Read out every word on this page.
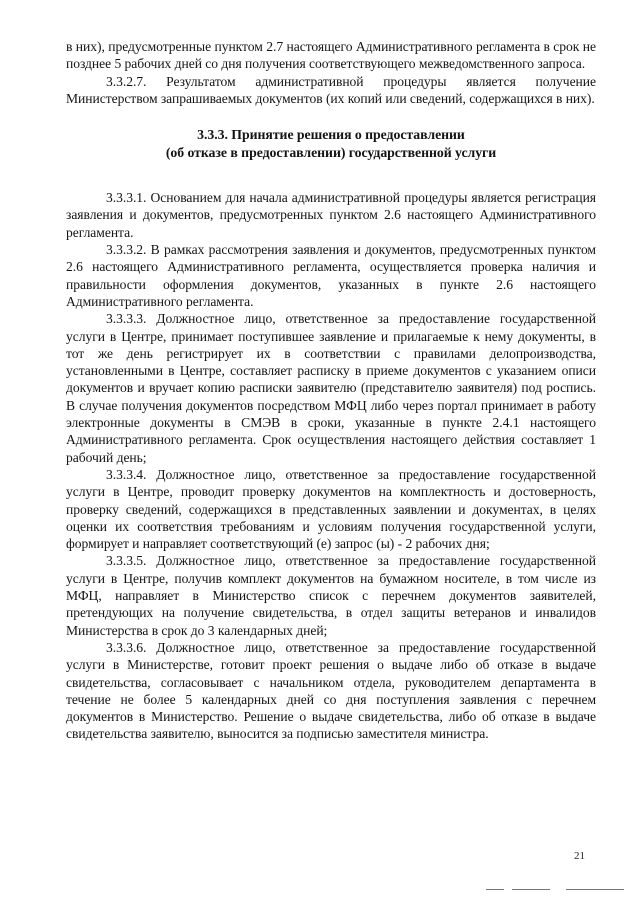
в них), предусмотренные пунктом 2.7 настоящего Административного регламента в срок не позднее 5 рабочих дней со дня получения соответствующего межведомственного запроса.

3.3.2.7. Результатом административной процедуры является получение Министерством запрашиваемых документов (их копий или сведений, содержащихся в них).

3.3.3. Принятие решения о предоставлении
(об отказе в предоставлении) государственной услуги

3.3.3.1. Основанием для начала административной процедуры является регистрация заявления и документов, предусмотренных пунктом 2.6 настоящего Административного регламента.

3.3.3.2. В рамках рассмотрения заявления и документов, предусмотренных пунктом 2.6 настоящего Административного регламента, осуществляется проверка наличия и правильности оформления документов, указанных в пункте 2.6 настоящего Административного регламента.

3.3.3.3. Должностное лицо, ответственное за предоставление государственной услуги в Центре, принимает поступившее заявление и прилагаемые к нему документы, в тот же день регистрирует их в соответствии с правилами делопроизводства, установленными в Центре, составляет расписку в приеме документов с указанием описи документов и вручает копию расписки заявителю (представителю заявителя) под роспись. В случае получения документов посредством МФЦ либо через портал принимает в работу электронные документы в СМЭВ в сроки, указанные в пункте 2.4.1 настоящего Административного регламента. Срок осуществления настоящего действия составляет 1 рабочий день;

3.3.3.4. Должностное лицо, ответственное за предоставление государственной услуги в Центре, проводит проверку документов на комплектность и достоверность, проверку сведений, содержащихся в представленных заявлении и документах, в целях оценки их соответствия требованиям и условиям получения государственной услуги, формирует и направляет соответствующий (е) запрос (ы) - 2 рабочих дня;

3.3.3.5. Должностное лицо, ответственное за предоставление государственной услуги в Центре, получив комплект документов на бумажном носителе, в том числе из МФЦ, направляет в Министерство список с перечнем документов заявителей, претендующих на получение свидетельства, в отдел защиты ветеранов и инвалидов Министерства в срок до 3 календарных дней;

3.3.3.6. Должностное лицо, ответственное за предоставление государственной услуги в Министерстве, готовит проект решения о выдаче либо об отказе в выдаче свидетельства, согласовывает с начальником отдела, руководителем департамента в течение не более 5 календарных дней со дня поступления заявления с перечнем документов в Министерство. Решение о выдаче свидетельства, либо об отказе в выдаче свидетельства заявителю, выносится за подписью заместителя министра.

21
